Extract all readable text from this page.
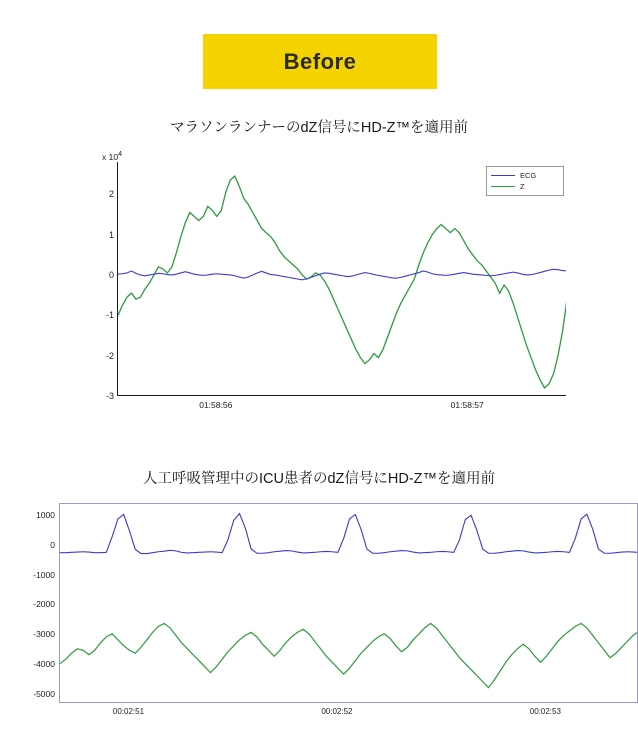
Before
マラソンランナーのdZ信号にHD-Z™を適用前
x $10^4$
ECG
Z
2
1
0
-1
-2
-3
01:58:56	01:58:57
人工呼吸管理中のICU患者のdZ信号にHD-Z™を適用前
1000
0
-1000
-2000
-3000
-4000
-5000
00:02:51	00:02:52	00:02:53
